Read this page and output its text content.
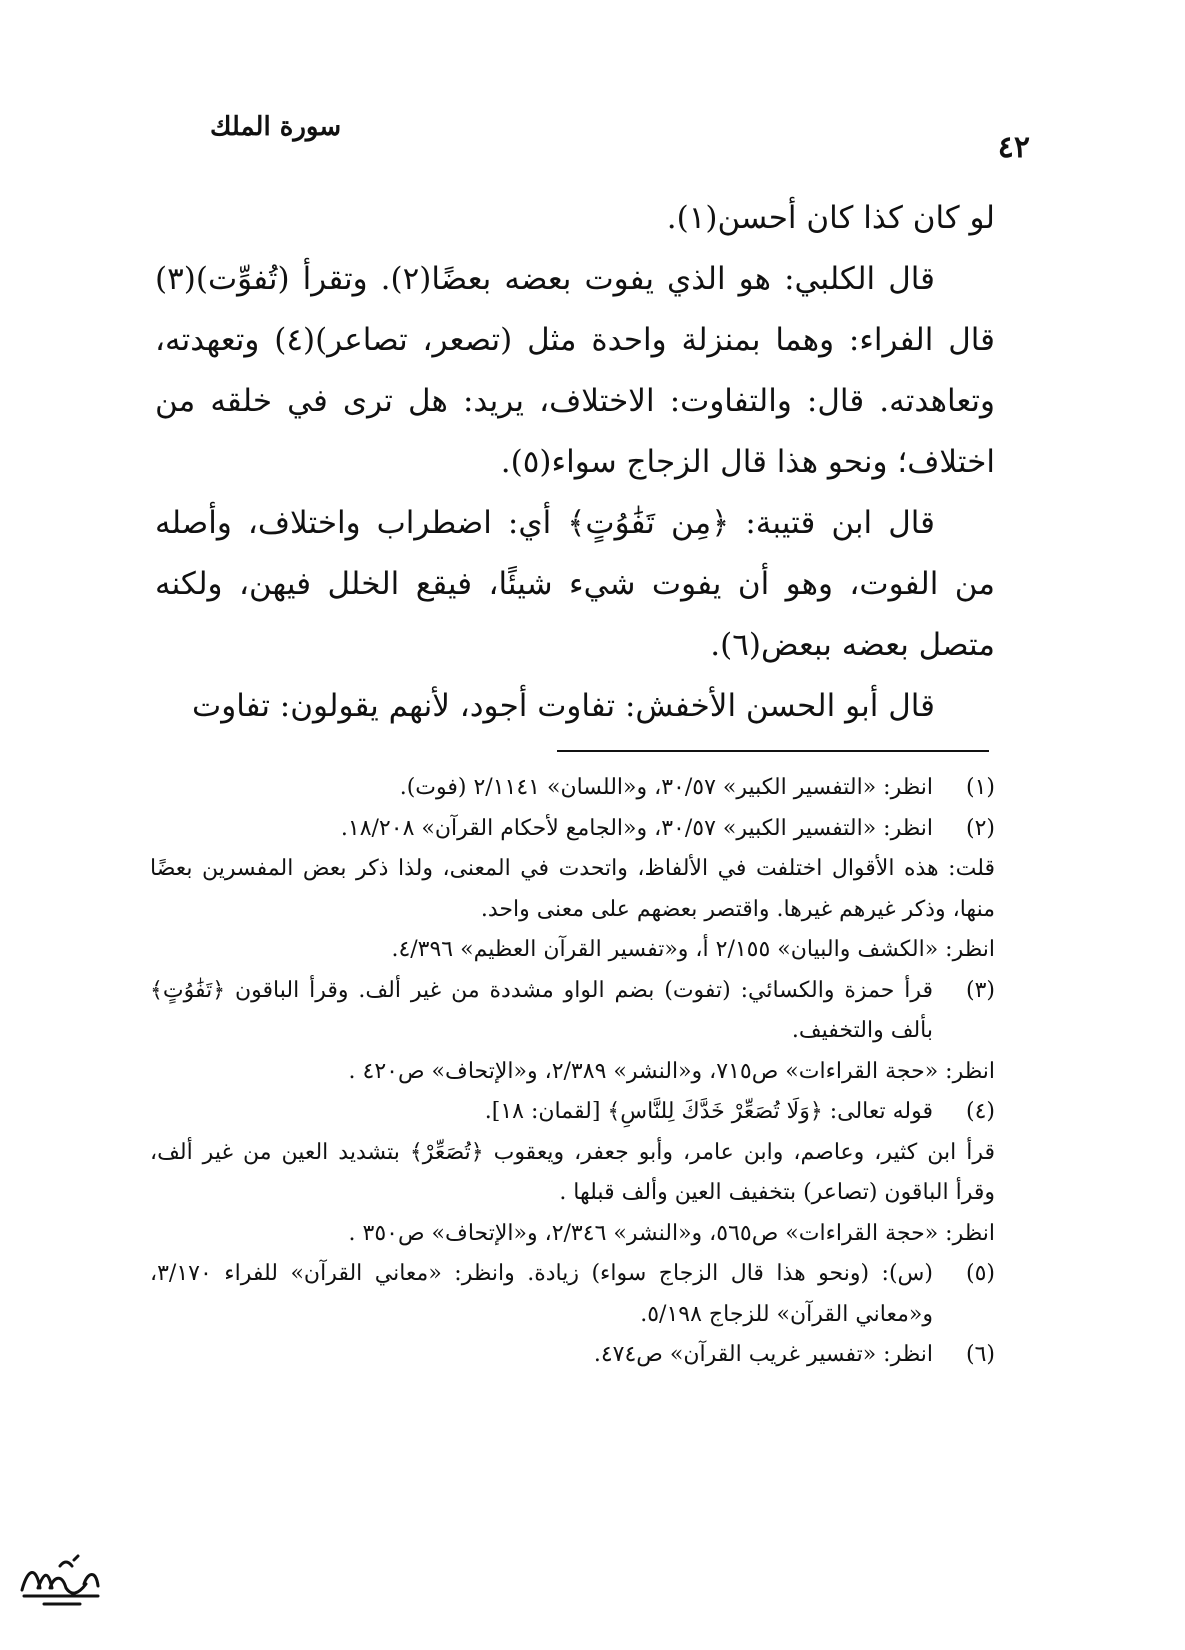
٤٢
سورة الملك

لو كان كذا كان أحسن(١).

قال الكلبي: هو الذي يفوت بعضه بعضًا(٢). وتقرأ (تُفوِّت)(٣) قال الفراء: وهما بمنزلة واحدة مثل (تصعر، تصاعر)(٤) وتعهدته، وتعاهدته. قال: والتفاوت: الاختلاف، يريد: هل ترى في خلقه من اختلاف؛ ونحو هذا قال الزجاج سواء(٥).

قال ابن قتيبة: ﴿مِن تَفَٰوُتٍ﴾ أي: اضطراب واختلاف، وأصله من الفوت، وهو أن يفوت شيء شيئًا، فيقع الخلل فيهن، ولكنه متصل بعضه ببعض(٦).

قال أبو الحسن الأخفش: تفاوت أجود، لأنهم يقولون: تفاوت

(١)
انظر: «التفسير الكبير» ٣٠/٥٧، و«اللسان» ٢/١١٤١ (فوت).
(٢)
انظر: «التفسير الكبير» ٣٠/٥٧، و«الجامع لأحكام القرآن» ١٨/٢٠٨.
قلت: هذه الأقوال اختلفت في الألفاظ، واتحدت في المعنى، ولذا ذكر بعض المفسرين بعضًا منها، وذكر غيرهم غيرها. واقتصر بعضهم على معنى واحد.
انظر: «الكشف والبيان» ٢/١٥٥ أ، و«تفسير القرآن العظيم» ٤/٣٩٦.
(٣)
قرأ حمزة والكسائي: (تفوت) بضم الواو مشددة من غير ألف. وقرأ الباقون ﴿تَفَٰوُتٍ﴾ بألف والتخفيف.
انظر: «حجة القراءات» ص٧١٥، و«النشر» ٢/٣٨٩، و«الإتحاف» ص٤٢٠ .
(٤)
قوله تعالى: ﴿وَلَا تُصَعِّرْ خَدَّكَ لِلنَّاسِ﴾ [لقمان: ١٨].
قرأ ابن كثير، وعاصم، وابن عامر، وأبو جعفر، ويعقوب ﴿تُصَعِّرْ﴾ بتشديد العين من غير ألف، وقرأ الباقون (تصاعر) بتخفيف العين وألف قبلها .
انظر: «حجة القراءات» ص٥٦٥، و«النشر» ٢/٣٤٦، و«الإتحاف» ص٣٥٠ .
(٥)
(س): (ونحو هذا قال الزجاج سواء) زيادة. وانظر: «معاني القرآن» للفراء ٣/١٧٠، و«معاني القرآن» للزجاج ٥/١٩٨.
(٦)
انظر: «تفسير غريب القرآن» ص٤٧٤.
